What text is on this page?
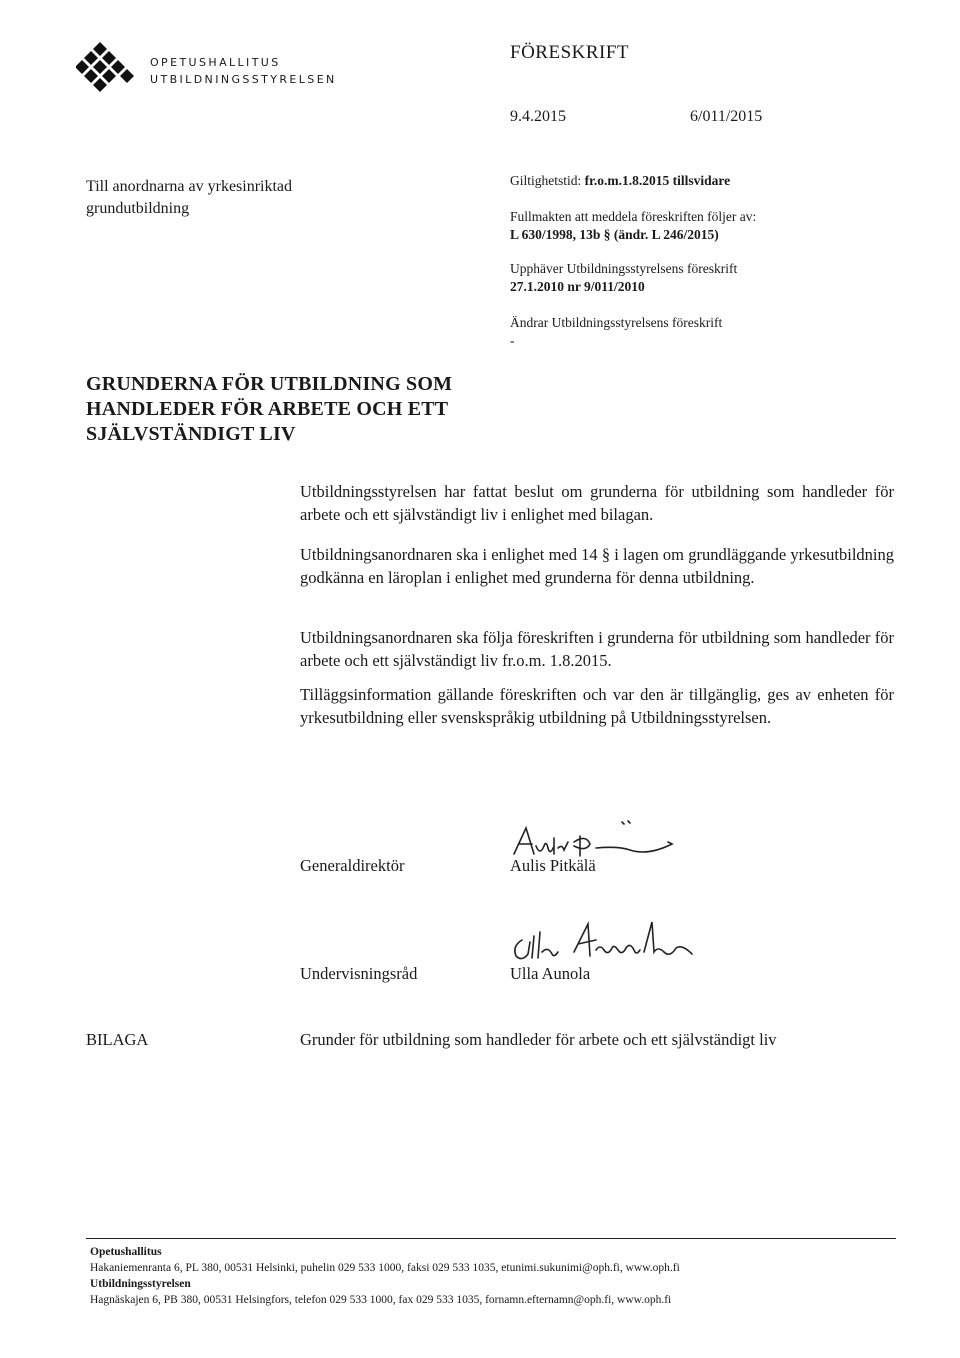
OPETUSHALLITUS
UTBILDNINGSSTYRELSEN
FÖRESKRIFT
9.4.2015	6/011/2015
Till anordnarna av yrkesinriktad
grundutbildning
Giltighetstid: fr.o.m.1.8.2015 tillsvidare
Fullmakten att meddela föreskriften följer av:
L 630/1998, 13b § (ändr. L 246/2015)
Upphäver Utbildningsstyrelsens föreskrift
27.1.2010 nr 9/011/2010
Ändrar Utbildningsstyrelsens föreskrift
-
GRUNDERNA FÖR UTBILDNING SOM
HANDLEDER FÖR ARBETE OCH ETT
SJÄLVSTÄNDIGT LIV
Utbildningsstyrelsen har fattat beslut om grunderna för utbildning som handleder för arbete och ett självständigt liv i enlighet med bilagan.
Utbildningsanordnaren ska i enlighet med 14 § i lagen om grundläggande yrkesutbildning godkänna en läroplan i enlighet med grunderna för denna utbildning.
Utbildningsanordnaren ska följa föreskriften i grunderna för utbildning som handleder för arbete och ett självständigt liv fr.o.m. 1.8.2015.
Tilläggsinformation gällande föreskriften och var den är tillgänglig, ges av enheten för yrkesutbildning eller svenskspråkig utbildning på Utbildningsstyrelsen.
Generaldirektör	Aulis Pitkälä
Undervisningsråd	Ulla Aunola
BILAGA	Grunder för utbildning som handleder för arbete och ett självständigt liv
Opetushallitus
Hakaniemenranta 6, PL 380, 00531 Helsinki, puhelin 029 533 1000, faksi 029 533 1035, etunimi.sukunimi@oph.fi, www.oph.fi
Utbildningsstyrelsen
Hagnäskajen 6, PB 380, 00531 Helsingfors, telefon 029 533 1000, fax 029 533 1035, fornamn.efternamn@oph.fi, www.oph.fi
